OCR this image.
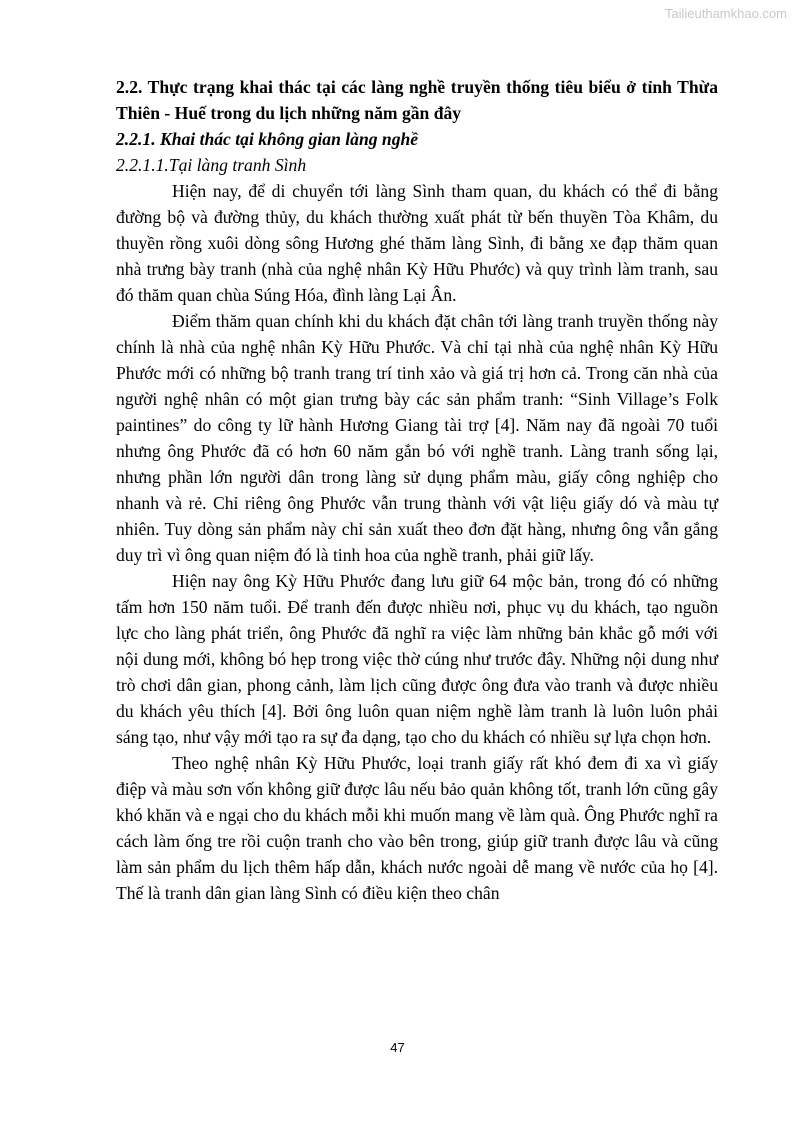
Tailieuthamkhao.com

2.2. Thực trạng khai thác tại các làng nghề truyền thống tiêu biểu ở tỉnh Thừa Thiên - Huế trong du lịch những năm gần đây

2.2.1. Khai thác tại không gian làng nghề

2.2.1.1.Tại làng tranh Sình

Hiện nay, để di chuyển tới làng Sình tham quan, du khách có thể đi bằng đường bộ và đường thủy, du khách thường xuất phát từ bến thuyền Tòa Khâm, du thuyền rồng xuôi dòng sông Hương ghé thăm làng Sình, đi bằng xe đạp thăm quan nhà trưng bày tranh (nhà của nghệ nhân Kỳ Hữu Phước) và quy trình làm tranh, sau đó thăm quan chùa Súng Hóa, đình làng Lại Ân.

Điểm thăm quan chính khi du khách đặt chân tới làng tranh truyền thống này chính là nhà của nghệ nhân Kỳ Hữu Phước. Và chỉ tại nhà của nghệ nhân Kỳ Hữu Phước mới có những bộ tranh trang trí tinh xảo và giá trị hơn cả. Trong căn nhà của người nghệ nhân có một gian trưng bày các sản phẩm tranh: “Sinh Village’s Folk paintines” do công ty lữ hành Hương Giang tài trợ [4]. Năm nay đã ngoài 70 tuổi nhưng ông Phước đã có hơn 60 năm gắn bó với nghề tranh. Làng tranh sống lại, nhưng phần lớn người dân trong làng sử dụng phẩm màu, giấy công nghiệp cho nhanh và rẻ. Chỉ riêng ông Phước vẫn trung thành với vật liệu giấy dó và màu tự nhiên. Tuy dòng sản phẩm này chỉ sản xuất theo đơn đặt hàng, nhưng ông vẫn gắng duy trì vì ông quan niệm đó là tinh hoa của nghề tranh, phải giữ lấy.

Hiện nay ông Kỳ Hữu Phước đang lưu giữ 64 mộc bản, trong đó có những tấm hơn 150 năm tuổi. Để tranh đến được nhiều nơi, phục vụ du khách, tạo nguồn lực cho làng phát triển, ông Phước đã nghĩ ra việc làm những bản khắc gỗ mới với nội dung mới, không bó hẹp trong việc thờ cúng như trước đây. Những nội dung như trò chơi dân gian, phong cảnh, làm lịch cũng được ông đưa vào tranh và được nhiều du khách yêu thích [4]. Bởi ông luôn quan niệm nghề làm tranh là luôn luôn phải sáng tạo, như vậy mới tạo ra sự đa dạng, tạo cho du khách có nhiều sự lựa chọn hơn.

Theo nghệ nhân Kỳ Hữu Phước, loại tranh giấy rất khó đem đi xa vì giấy điệp và màu sơn vốn không giữ được lâu nếu bảo quản không tốt, tranh lớn cũng gây khó khăn và e ngại cho du khách mỗi khi muốn mang về làm quà. Ông Phước nghĩ ra cách làm ống tre rồi cuộn tranh cho vào bên trong, giúp giữ tranh được lâu và cũng làm sản phẩm du lịch thêm hấp dẫn, khách nước ngoài dễ mang về nước của họ [4]. Thế là tranh dân gian làng Sình có điều kiện theo chân

47
